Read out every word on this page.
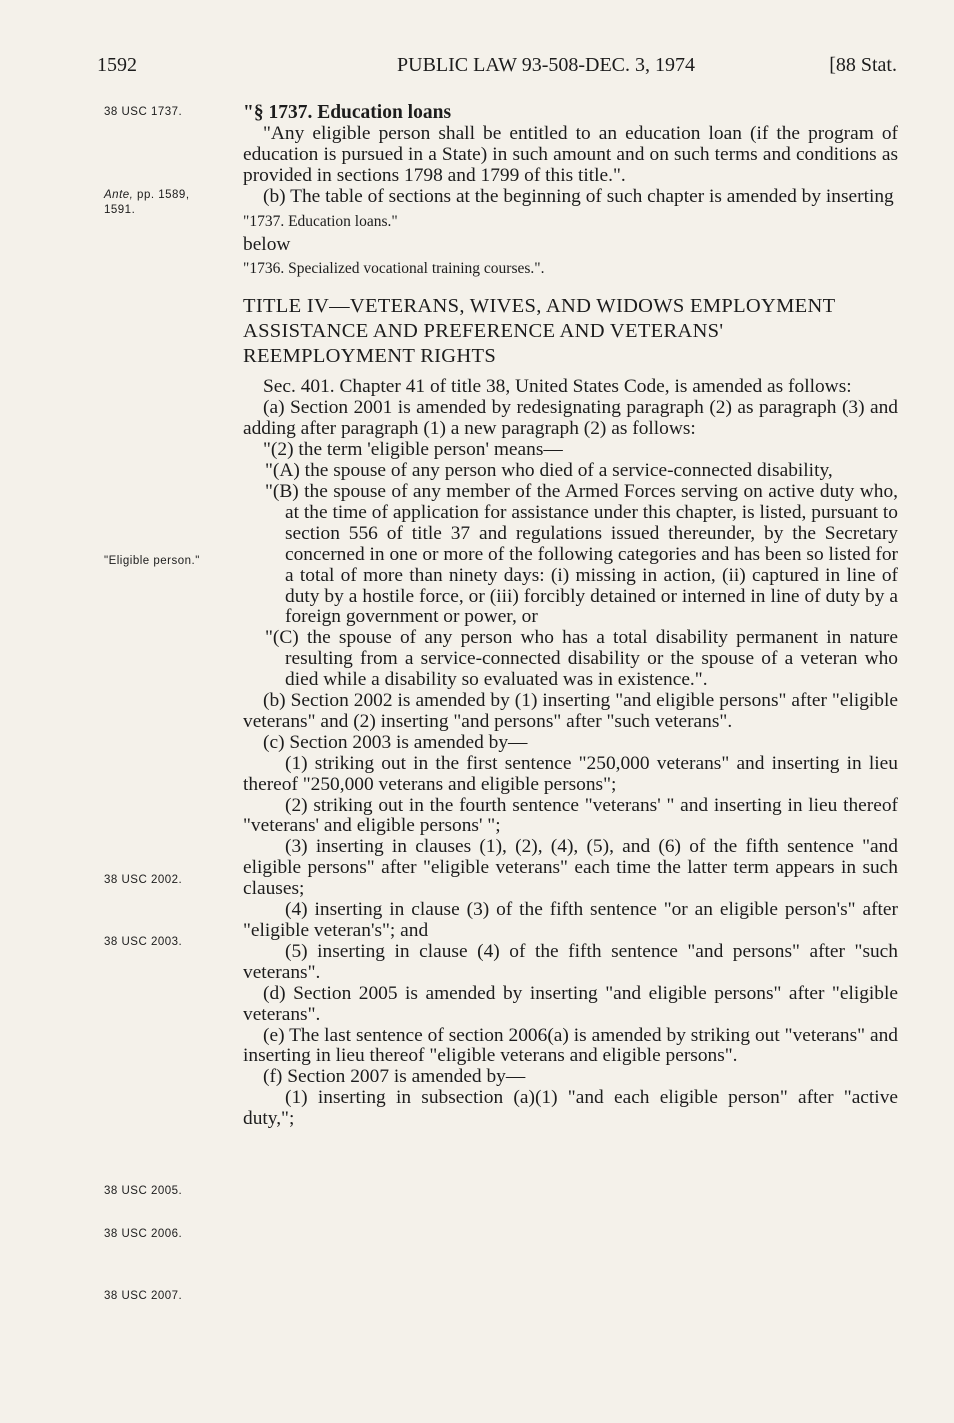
1592	PUBLIC LAW 93-508-DEC. 3, 1974	[88 Stat.
38 USC 1737.
Ante, pp. 1589, 1591.
"Eligible person."
38 USC 2002.
38 USC 2003.
38 USC 2005.
38 USC 2006.
38 USC 2007.

"§ 1737. Education loans

"Any eligible person shall be entitled to an education loan (if the program of education is pursued in a State) in such amount and on such terms and conditions as provided in sections 1798 and 1799 of this title.".

(b) The table of sections at the beginning of such chapter is amended by inserting

"1737. Education loans."

below

"1736. Specialized vocational training courses.".

TITLE IV—VETERANS, WIVES, AND WIDOWS EMPLOYMENT ASSISTANCE AND PREFERENCE AND VETERANS' REEMPLOYMENT RIGHTS

Sec. 401. Chapter 41 of title 38, United States Code, is amended as follows:

(a) Section 2001 is amended by redesignating paragraph (2) as paragraph (3) and adding after paragraph (1) a new paragraph (2) as follows:

"(2) the term 'eligible person' means—

"(A) the spouse of any person who died of a service-connected disability,

"(B) the spouse of any member of the Armed Forces serving on active duty who, at the time of application for assistance under this chapter, is listed, pursuant to section 556 of title 37 and regulations issued thereunder, by the Secretary concerned in one or more of the following categories and has been so listed for a total of more than ninety days: (i) missing in action, (ii) captured in line of duty by a hostile force, or (iii) forcibly detained or interned in line of duty by a foreign government or power, or

"(C) the spouse of any person who has a total disability permanent in nature resulting from a service-connected disability or the spouse of a veteran who died while a disability so evaluated was in existence.".

(b) Section 2002 is amended by (1) inserting "and eligible persons" after "eligible veterans" and (2) inserting "and persons" after "such veterans".

(c) Section 2003 is amended by—

(1) striking out in the first sentence "250,000 veterans" and inserting in lieu thereof "250,000 veterans and eligible persons";

(2) striking out in the fourth sentence "veterans' " and inserting in lieu thereof "veterans' and eligible persons' ";

(3) inserting in clauses (1), (2), (4), (5), and (6) of the fifth sentence "and eligible persons" after "eligible veterans" each time the latter term appears in such clauses;

(4) inserting in clause (3) of the fifth sentence "or an eligible person's" after "eligible veteran's"; and

(5) inserting in clause (4) of the fifth sentence "and persons" after "such veterans".

(d) Section 2005 is amended by inserting "and eligible persons" after "eligible veterans".

(e) The last sentence of section 2006(a) is amended by striking out "veterans" and inserting in lieu thereof "eligible veterans and eligible persons".

(f) Section 2007 is amended by—

(1) inserting in subsection (a)(1) "and each eligible person" after "active duty,";
